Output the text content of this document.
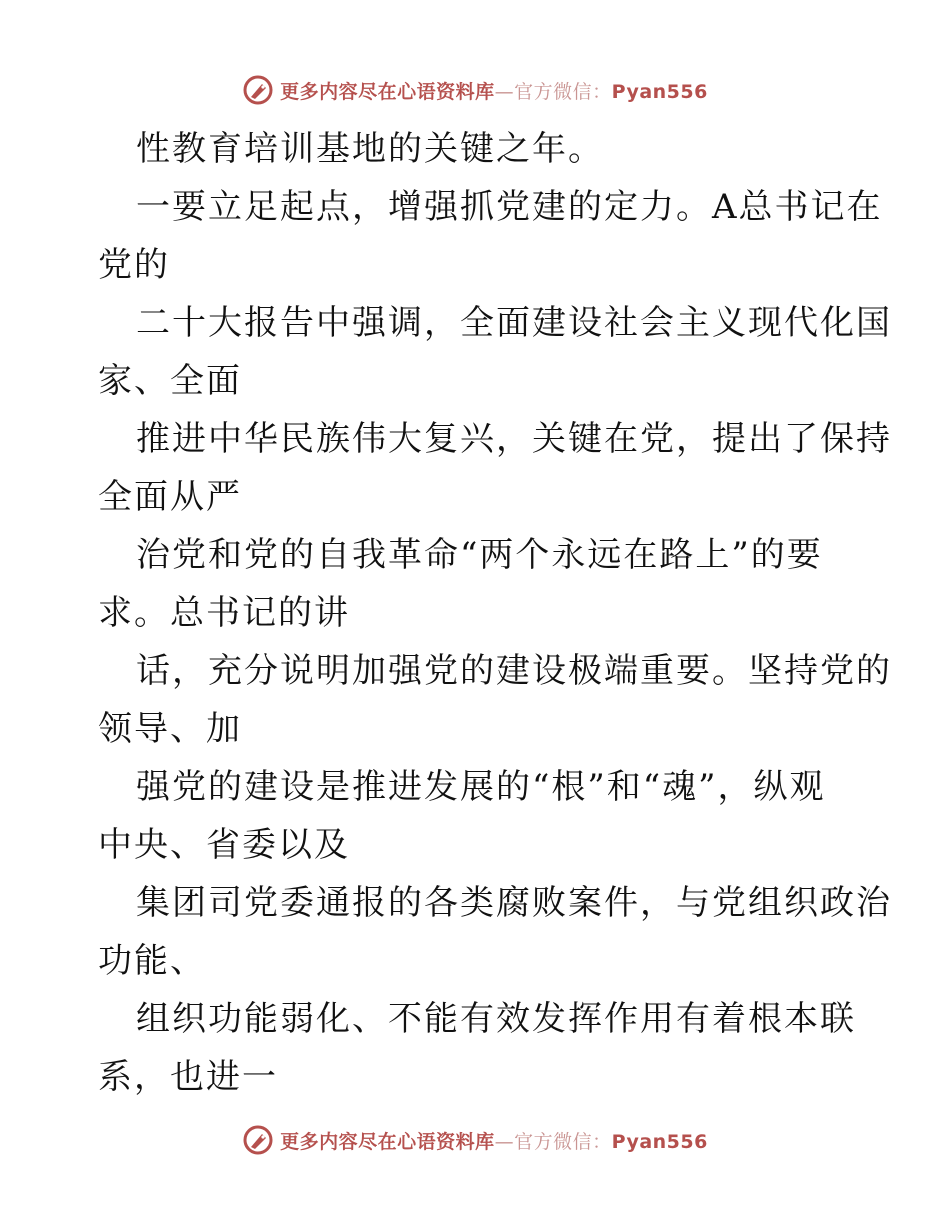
更多内容尽在心语资料库—官方微信：Pyan556
性教育培训基地的关键之年。
一要立足起点，增强抓党建的定力。A总书记在
党的
二十大报告中强调，全面建设社会主义现代化国
家、全面
推进中华民族伟大复兴，关键在党，提出了保持
全面从严
治党和党的自我革命“两个永远在路上”的要
求。总书记的讲
话，充分说明加强党的建设极端重要。坚持党的
领导、加
强党的建设是推进发展的“根”和“魂”，纵观
中央、省委以及
集团司党委通报的各类腐败案件，与党组织政治
功能、
组织功能弱化、不能有效发挥作用有着根本联
系，也进一
更多内容尽在心语资料库—官方微信：Pyan556
